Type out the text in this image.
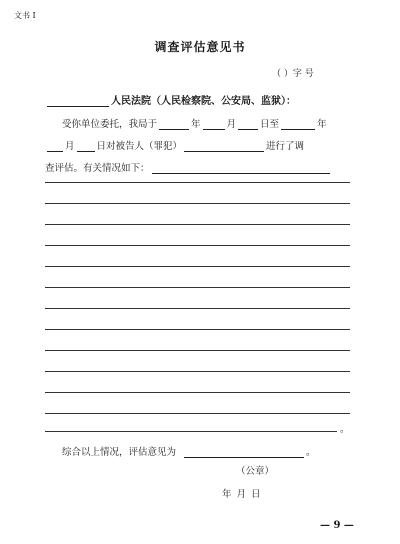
文书 I
调查评估意见书
（ ）字 号
人民法院（人民检察院、公安局、监狱）：
受你单位委托，我局于	年	月	日至	年
月 日对被告人（罪犯）	进行了调
查评估。有关情况如下：
。
综合以上情况，评估意见为	。
（公章）
年 月 日
— 9 —
